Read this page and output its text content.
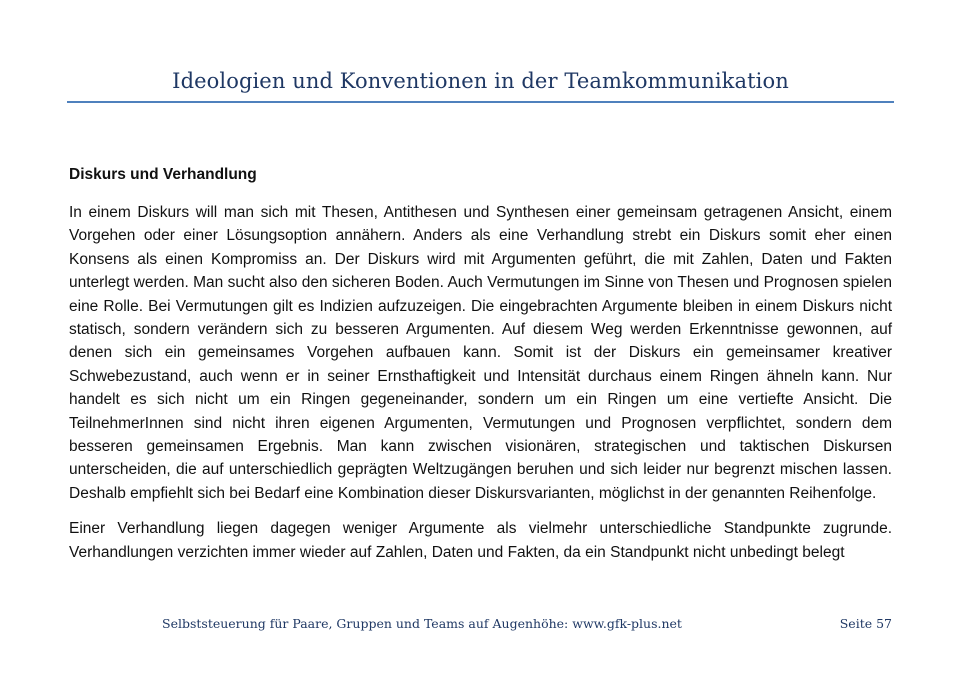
Ideologien und Konventionen in der Teamkommunikation
Diskurs und Verhandlung

In einem Diskurs will man sich mit Thesen, Antithesen und Synthesen einer gemeinsam getragenen Ansicht, einem Vorgehen oder einer Lösungsoption annähern. Anders als eine Verhandlung strebt ein Diskurs somit eher einen Konsens als einen Kompromiss an. Der Diskurs wird mit Argumenten geführt, die mit Zahlen, Daten und Fakten unterlegt werden. Man sucht also den sicheren Boden. Auch Vermutungen im Sinne von Thesen und Prognosen spielen eine Rolle. Bei Vermutungen gilt es Indizien aufzuzeigen. Die eingebrachten Argumente bleiben in einem Diskurs nicht statisch, sondern verändern sich zu besseren Argumenten. Auf diesem Weg werden Erkenntnisse gewonnen, auf denen sich ein gemeinsames Vorgehen aufbauen kann. Somit ist der Diskurs ein gemeinsamer kreativer Schwebezustand, auch wenn er in seiner Ernsthaftigkeit und Intensität durchaus einem Ringen ähneln kann. Nur handelt es sich nicht um ein Ringen gegeneinander, sondern um ein Ringen um eine vertiefte Ansicht. Die TeilnehmerInnen sind nicht ihren eigenen Argumenten, Vermutungen und Prognosen verpflichtet, sondern dem besseren gemeinsamen Ergebnis. Man kann zwischen visionären, strategischen und taktischen Diskursen unterscheiden, die auf unterschiedlich geprägten Weltzugängen beruhen und sich leider nur begrenzt mischen lassen. Deshalb empfiehlt sich bei Bedarf eine Kombination dieser Diskursvarianten, möglichst in der genannten Reihenfolge.

Einer Verhandlung liegen dagegen weniger Argumente als vielmehr unterschiedliche Standpunkte zugrunde. Verhandlungen verzichten immer wieder auf Zahlen, Daten und Fakten, da ein Standpunkt nicht unbedingt belegt

Selbststeuerung für Paare, Gruppen und Teams auf Augenhöhe: www.gfk-plus.net	Seite 57
